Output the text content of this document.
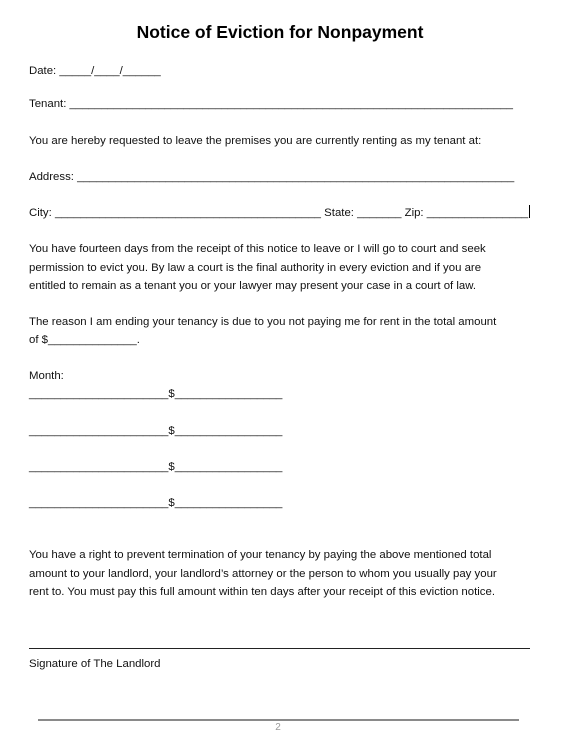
Notice of Eviction for Nonpayment
Date: _____/____/______
Tenant: ______________________________________________________________________
You are hereby requested to leave the premises you are currently renting as my tenant at:
Address: _____________________________________________________________________
City: __________________________________________ State: _______ Zip: ________________
You have fourteen days from the receipt of this notice to leave or I will go to court and seek
permission to evict you. By law a court is the final authority in every eviction and if you are
entitled to remain as a tenant you or your lawyer may present your case in a court of law.
The reason I am ending your tenancy is due to you not paying me for rent in the total amount
of $______________.
Month:
______________________$_________________
______________________$_________________
______________________$_________________
______________________$_________________
You have a right to prevent termination of your tenancy by paying the above mentioned total
amount to your landlord, your landlord’s attorney or the person to whom you usually pay your
rent to. You must pay this full amount within ten days after your receipt of this eviction notice.
Signature of The Landlord
2
